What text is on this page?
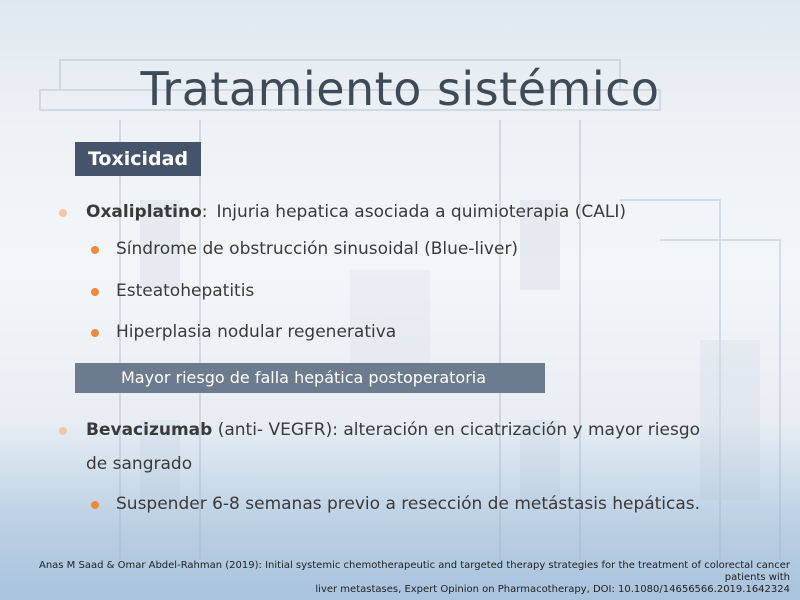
Tratamiento sistémico
Toxicidad
Oxaliplatino: Injuria hepatica asociada a quimioterapia (CALI)
Síndrome de obstrucción sinusoidal (Blue-liver)
Esteatohepatitis
Hiperplasia nodular regenerativa
Mayor riesgo de falla hepática postoperatoria
Bevacizumab (anti- VEGFR): alteración en cicatrización y mayor riesgo
de sangrado
Suspender 6-8 semanas previo a resección de metástasis hepáticas.
Anas M Saad & Omar Abdel-Rahman (2019): Initial systemic chemotherapeutic and targeted therapy strategies for the treatment of colorectal cancer patients with
liver metastases, Expert Opinion on Pharmacotherapy, DOI: 10.1080/14656566.2019.1642324
